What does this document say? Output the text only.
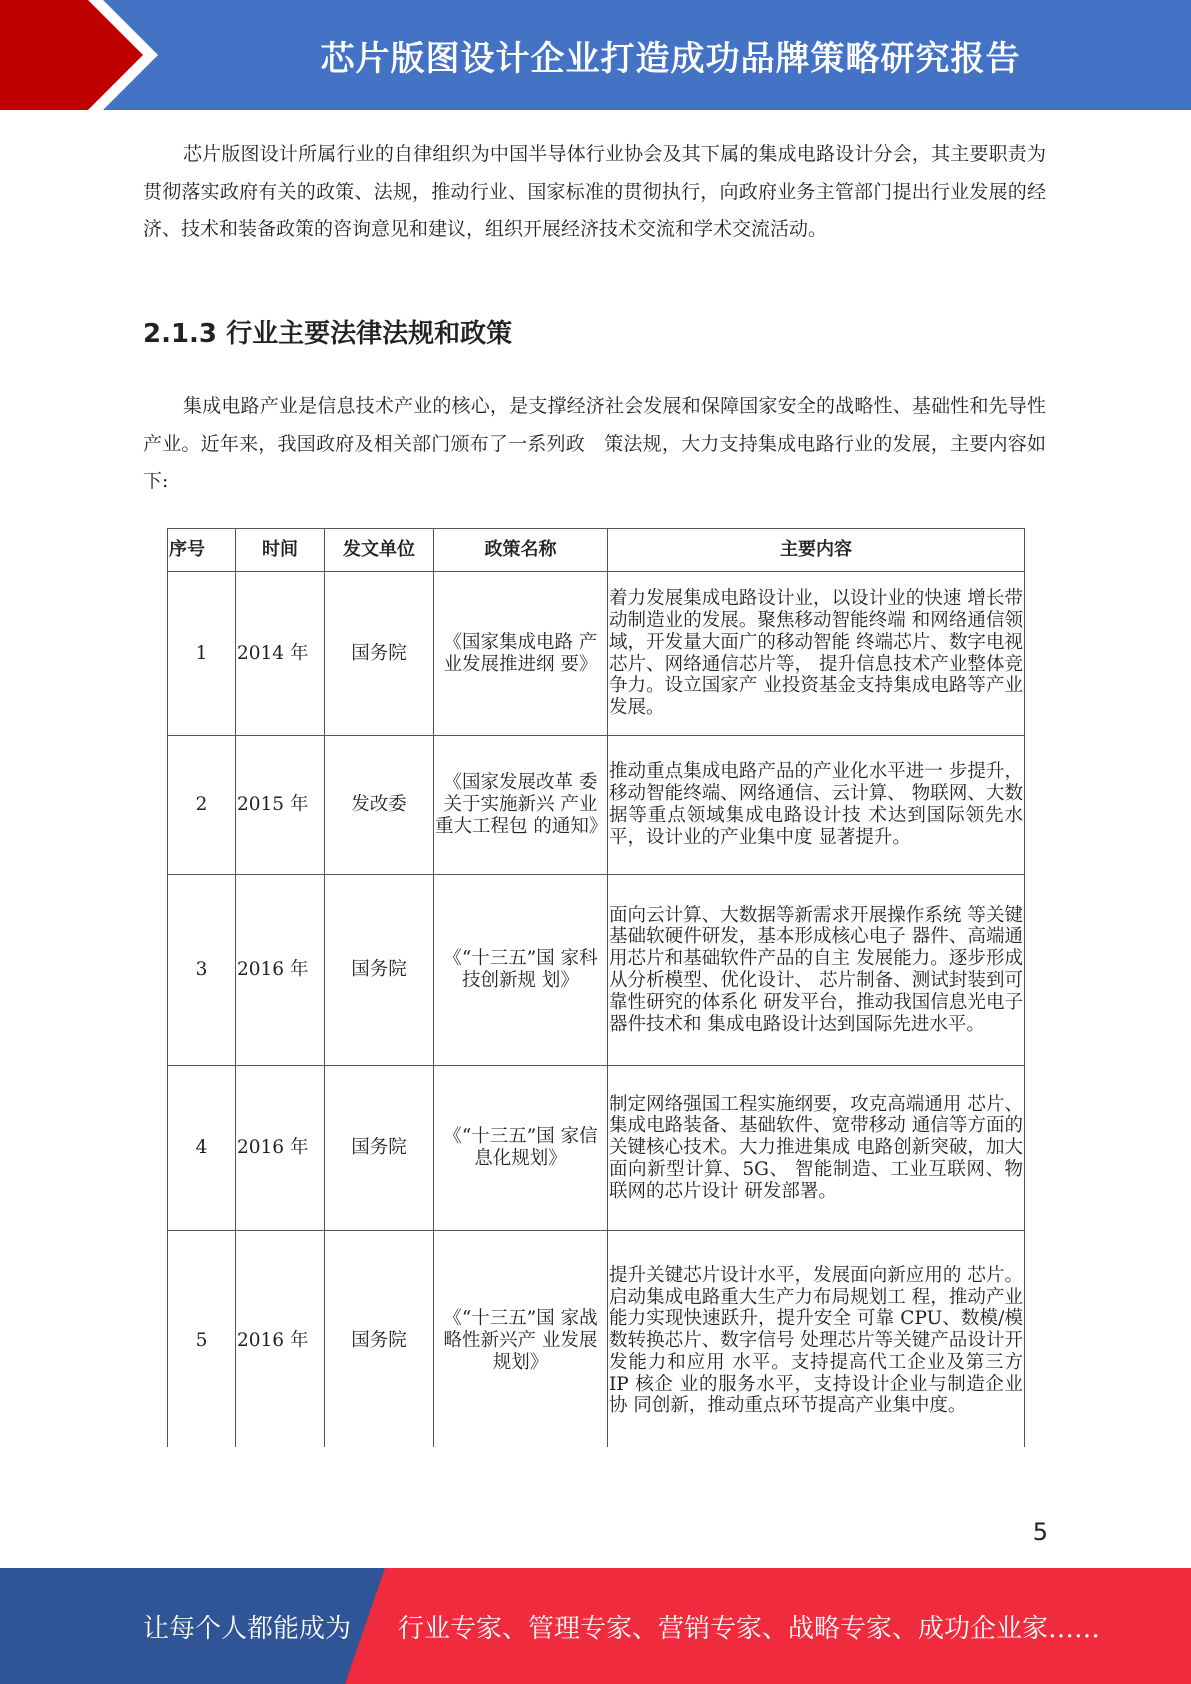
芯片版图设计企业打造成功品牌策略研究报告

芯片版图设计所属行业的自律组织为中国半导体行业协会及其下属的集成电路设计分会，其主要职责为贯彻落实政府有关的政策、法规，推动行业、国家标准的贯彻执行，向政府业务主管部门提出行业发展的经济、技术和装备政策的咨询意见和建议，组织开展经济技术交流和学术交流活动。

2.1.3 行业主要法律法规和政策

集成电路产业是信息技术产业的核心，是支撑经济社会发展和保障国家安全的战略性、基础性和先导性产业。近年来，我国政府及相关部门颁布了一系列政　策法规，大力支持集成电路行业的发展，主要内容如下:

序号	时间	发文单位	政策名称	主要内容
1	2014 年	国务院	《国家集成电路 产业发展推进纲 要》	着力发展集成电路设计业，以设计业的快速 增长带动制造业的发展。聚焦移动智能终端 和网络通信领域，开发量大面广的移动智能 终端芯片、数字电视芯片、网络通信芯片等， 提升信息技术产业整体竞争力。设立国家产 业投资基金支持集成电路等产业发展。
2	2015 年	发改委	《国家发展改革 委关于实施新兴 产业重大工程包 的通知》	推动重点集成电路产品的产业化水平进一 步提升，移动智能终端、网络通信、云计算、 物联网、大数据等重点领域集成电路设计技 术达到国际领先水平，设计业的产业集中度 显著提升。
3	2016 年	国务院	《“十三五”国 家科技创新规 划》	面向云计算、大数据等新需求开展操作系统 等关键基础软硬件研发，基本形成核心电子 器件、高端通用芯片和基础软件产品的自主 发展能力。逐步形成从分析模型、优化设计、 芯片制备、测试封装到可靠性研究的体系化 研发平台，推动我国信息光电子器件技术和 集成电路设计达到国际先进水平。
4	2016 年	国务院	《“十三五”国 家信息化规划》	制定网络强国工程实施纲要，攻克高端通用 芯片、集成电路装备、基础软件、宽带移动 通信等方面的关键核心技术。大力推进集成 电路创新突破，加大面向新型计算、5G、 智能制造、工业互联网、物联网的芯片设计 研发部署。
5	2016 年	国务院	《“十三五”国 家战略性新兴产 业发展规划》	提升关键芯片设计水平，发展面向新应用的 芯片。启动集成电路重大生产力布局规划工 程，推动产业能力实现快速跃升，提升安全 可靠 CPU、数模/模数转换芯片、数字信号 处理芯片等关键产品设计开发能力和应用 水平。支持提高代工企业及第三方 IP 核企 业的服务水平，支持设计企业与制造企业协 同创新，推动重点环节提高产业集中度。
5
让每个人都能成为 行业专家、管理专家、营销专家、战略专家、成功企业家……
